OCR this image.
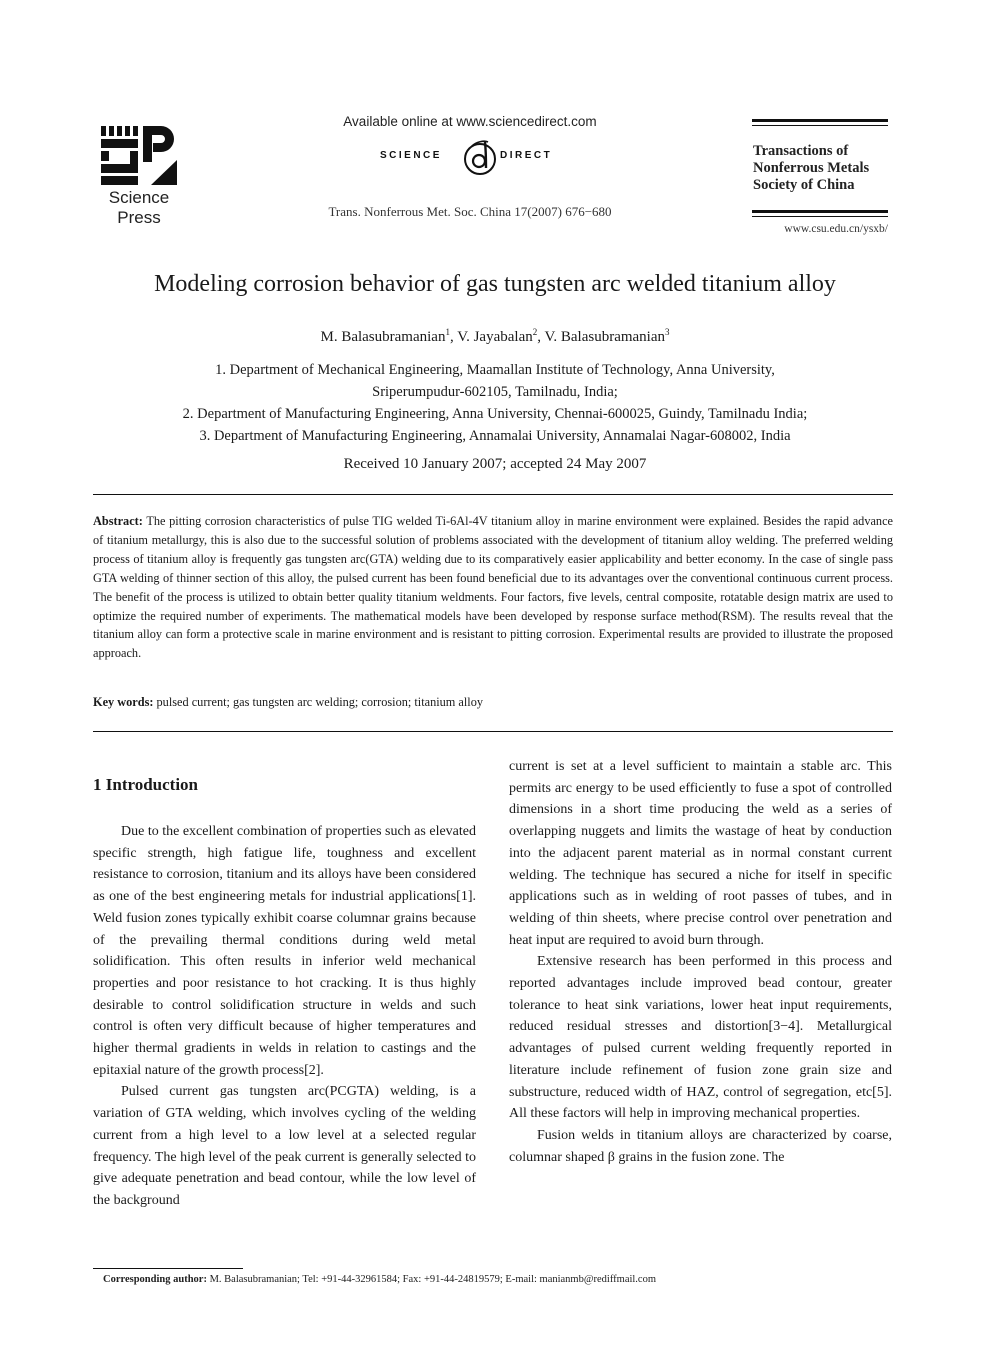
Science Press
Available online at www.sciencedirect.com
SCIENCE	DIRECT
Trans. Nonferrous Met. Soc. China 17(2007) 676−680
Transactions of
Nonferrous Metals
Society of China
www.csu.edu.cn/ysxb/
Modeling corrosion behavior of gas tungsten arc welded titanium alloy
M. Balasubramanian$^1$, V. Jayabalan$^2$, V. Balasubramanian$^3$
1. Department of Mechanical Engineering, Maamallan Institute of Technology, Anna University,
Sriperumpudur-602105, Tamilnadu, India;
2. Department of Manufacturing Engineering, Anna University, Chennai-600025, Guindy, Tamilnadu India;
3. Department of Manufacturing Engineering, Annamalai University, Annamalai Nagar-608002, India
Received 10 January 2007; accepted 24 May 2007
Abstract: The pitting corrosion characteristics of pulse TIG welded Ti-6Al-4V titanium alloy in marine environment were explained. Besides the rapid advance of titanium metallurgy, this is also due to the successful solution of problems associated with the development of titanium alloy welding. The preferred welding process of titanium alloy is frequently gas tungsten arc(GTA) welding due to its comparatively easier applicability and better economy. In the case of single pass GTA welding of thinner section of this alloy, the pulsed current has been found beneficial due to its advantages over the conventional continuous current process. The benefit of the process is utilized to obtain better quality titanium weldments. Four factors, five levels, central composite, rotatable design matrix are used to optimize the required number of experiments. The mathematical models have been developed by response surface method(RSM). The results reveal that the titanium alloy can form a protective scale in marine environment and is resistant to pitting corrosion. Experimental results are provided to illustrate the proposed approach.
Key words: pulsed current; gas tungsten arc welding; corrosion; titanium alloy
1 Introduction

Due to the excellent combination of properties such as elevated specific strength, high fatigue life, toughness and excellent resistance to corrosion, titanium and its alloys have been considered as one of the best engineering metals for industrial applications[1]. Weld fusion zones typically exhibit coarse columnar grains because of the prevailing thermal conditions during weld metal solidification. This often results in inferior weld mechanical properties and poor resistance to hot cracking. It is thus highly desirable to control solidification structure in welds and such control is often very difficult because of higher temperatures and higher thermal gradients in welds in relation to castings and the epitaxial nature of the growth process[2].

Pulsed current gas tungsten arc(PCGTA) welding, is a variation of GTA welding, which involves cycling of the welding current from a high level to a low level at a selected regular frequency. The high level of the peak current is generally selected to give adequate penetration and bead contour, while the low level of the background

current is set at a level sufficient to maintain a stable arc. This permits arc energy to be used efficiently to fuse a spot of controlled dimensions in a short time producing the weld as a series of overlapping nuggets and limits the wastage of heat by conduction into the adjacent parent material as in normal constant current welding. The technique has secured a niche for itself in specific applications such as in welding of root passes of tubes, and in welding of thin sheets, where precise control over penetration and heat input are required to avoid burn through.

Extensive research has been performed in this process and reported advantages include improved bead contour, greater tolerance to heat sink variations, lower heat input requirements, reduced residual stresses and distortion[3−4]. Metallurgical advantages of pulsed current welding frequently reported in literature include refinement of fusion zone grain size and substructure, reduced width of HAZ, control of segregation, etc[5]. All these factors will help in improving mechanical properties.

Fusion welds in titanium alloys are characterized by coarse, columnar shaped β grains in the fusion zone. The

Corresponding author: M. Balasubramanian; Tel: +91-44-32961584; Fax: +91-44-24819579; E-mail: manianmb@rediffmail.com
